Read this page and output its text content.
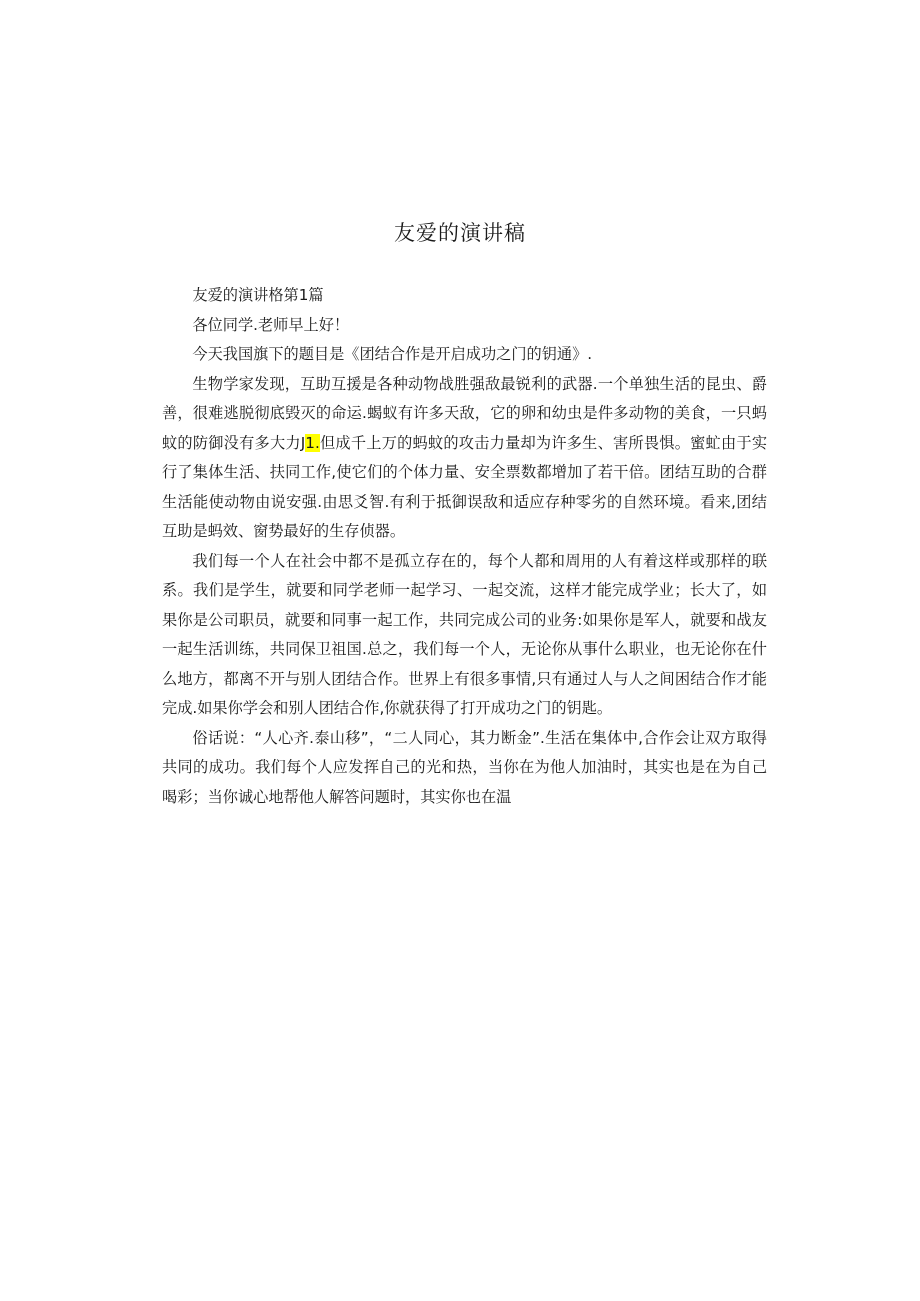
友爱的演讲稿

友爱的演讲格第1篇

各位同学.老师早上好！

今天我国旗下的题目是《团结合作是开启成功之门的钥通》.

生物学家发现，互助互援是各种动物战胜强敌最锐利的武器.一个单独生活的昆虫、爵善，很难逃脱彻底毁灭的命运.蝎蚁有许多天敌，它的卵和幼虫是件多动物的美食，一只蚂蚊的防御没有多大力J1.但成千上万的蚂蚊的攻击力量却为许多生、害所畏惧。蜜虻由于实行了集体生活、扶同工作,使它们的个体力量、安全票数都增加了若干倍。团结互助的合群生活能使动物由说安强.由思爻智.有利于抵御误敌和适应存种零劣的自然环境。看来,团结互助是蚂效、窗势最好的生存侦器。

我们每一个人在社会中都不是孤立存在的，每个人都和周用的人有着这样或那样的联系。我们是学生，就要和同学老师一起学习、一起交流，这样才能完成学业；长大了，如果你是公司职员，就要和同事一起工作，共同完成公司的业务:如果你是军人，就要和战友一起生活训练，共同保卫祖国.总之，我们每一个人，无论你从事什么职业，也无论你在什么地方，都离不开与别人团结合作。世界上有很多事情,只有通过人与人之间困结合作才能完成.如果你学会和别人团结合作,你就获得了打开成功之门的钥匙。

俗话说：“人心齐.泰山移”，“二人同心，其力断金”.生活在集体中,合作会让双方取得共同的成功。我们每个人应发挥自己的光和热，当你在为他人加油时，其实也是在为自己喝彩；当你诚心地帮他人解答问题时，其实你也在温
